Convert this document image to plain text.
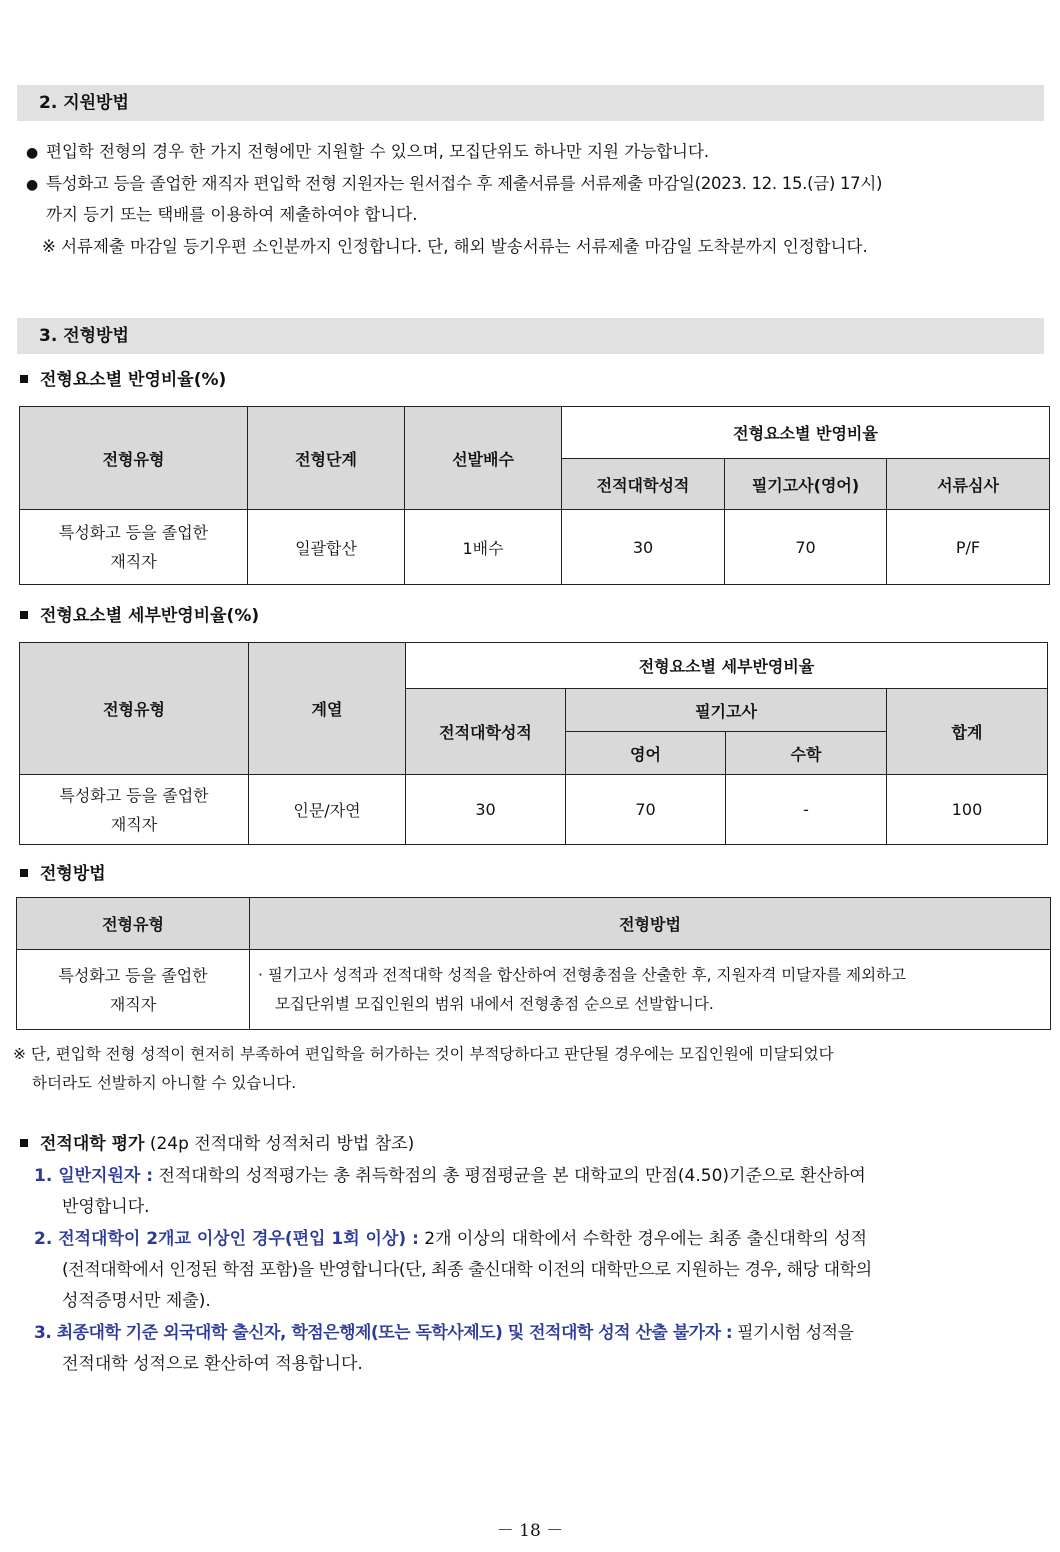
2. 지원방법
● 편입학 전형의 경우 한 가지 전형에만 지원할 수 있으며, 모집단위도 하나만 지원 가능합니다.
● 특성화고 등을 졸업한 재직자 편입학 전형 지원자는 원서접수 후 제출서류를 서류제출 마감일(2023. 12. 15.(금) 17시)
까지 등기 또는 택배를 이용하여 제출하여야 합니다.
※ 서류제출 마감일 등기우편 소인분까지 인정합니다. 단, 해외 발송서류는 서류제출 마감일 도착분까지 인정합니다.
3. 전형방법
전형요소별 반영비율(%)
전형유형	전형단계	선발배수	전형요소별 반영비율		
			전적대학성적	필기고사(영어)	서류심사
특성화고 등을 졸업한
재직자	일괄합산	1배수	30	70	P/F
전형요소별 세부반영비율(%)
전형유형	계열	전형요소별 세부반영비율			
		전적대학성적	필기고사		합계
			영어	수학	
특성화고 등을 졸업한
재직자	인문/자연	30	70	-	100
전형방법
전형유형	전형방법
특성화고 등을 졸업한
재직자	· 필기고사 성적과 전적대학 성적을 합산하여 전형총점을 산출한 후, 지원자격 미달자를 제외하고
모집단위별 모집인원의 범위 내에서 전형총점 순으로 선발합니다.
※ 단, 편입학 전형 성적이 현저히 부족하여 편입학을 허가하는 것이 부적당하다고 판단될 경우에는 모집인원에 미달되었다
하더라도 선발하지 아니할 수 있습니다.
전적대학 평가 (24p 전적대학 성적처리 방법 참조)
1. 일반지원자 : 전적대학의 성적평가는 총 취득학점의 총 평점평균을 본 대학교의 만점(4.50)기준으로 환산하여
반영합니다.
2. 전적대학이 2개교 이상인 경우(편입 1회 이상) : 2개 이상의 대학에서 수학한 경우에는 최종 출신대학의 성적
(전적대학에서 인정된 학점 포함)을 반영합니다(단, 최종 출신대학 이전의 대학만으로 지원하는 경우, 해당 대학의
성적증명서만 제출).
3. 최종대학 기준 외국대학 출신자, 학점은행제(또는 독학사제도) 및 전적대학 성적 산출 불가자 : 필기시험 성적을
전적대학 성적으로 환산하여 적용합니다.
－ 18 －
